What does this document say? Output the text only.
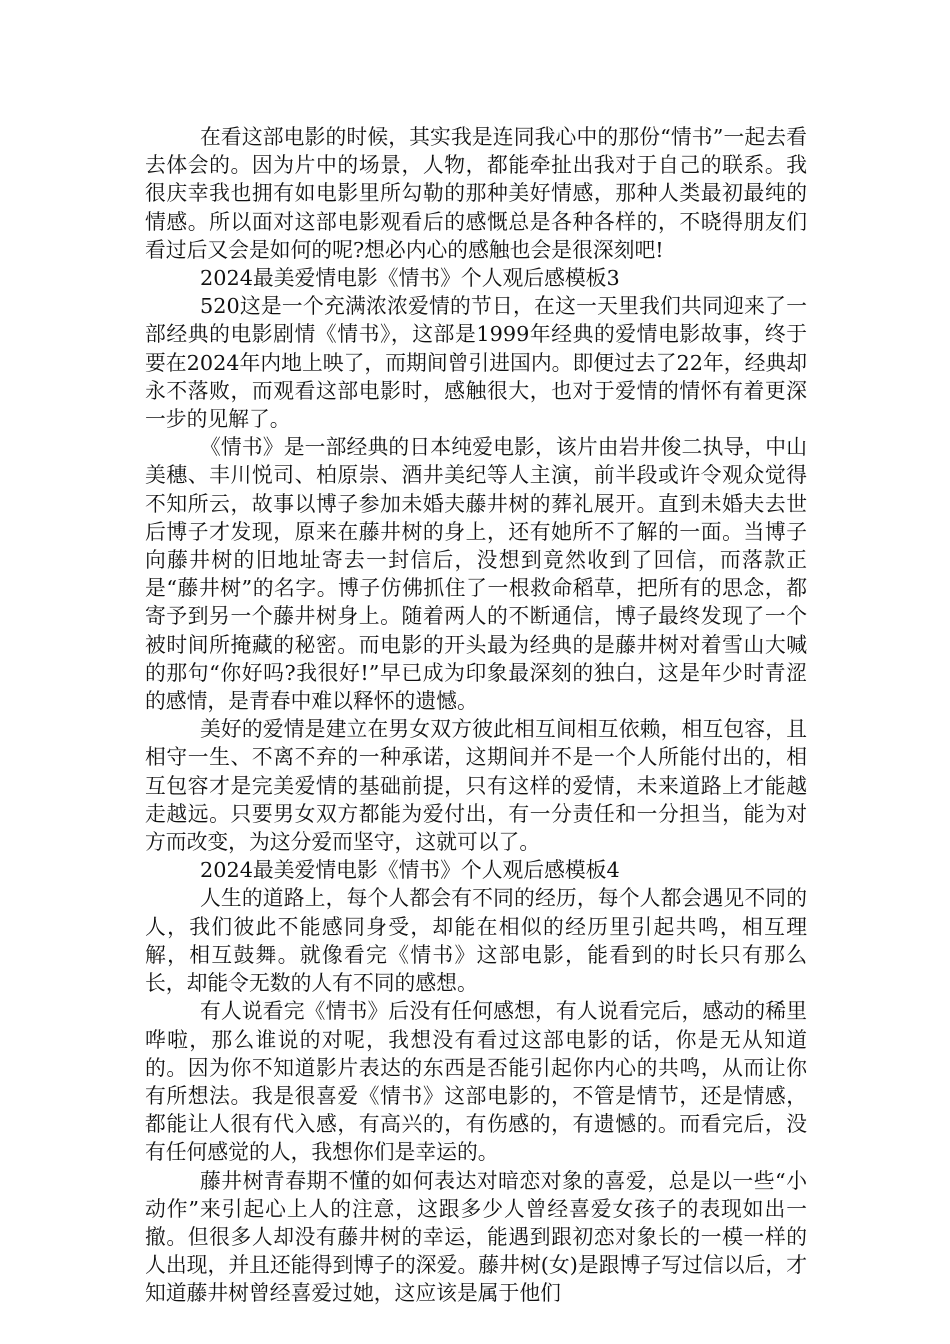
在看这部电影的时候，其实我是连同我心中的那份“情书”一起去看去体会的。因为片中的场景，人物，都能牵扯出我对于自己的联系。我很庆幸我也拥有如电影里所勾勒的那种美好情感，那种人类最初最纯的情感。所以面对这部电影观看后的感慨总是各种各样的，不晓得朋友们看过后又会是如何的呢?想必内心的感触也会是很深刻吧!

2024最美爱情电影《情书》个人观后感模板3

520这是一个充满浓浓爱情的节日，在这一天里我们共同迎来了一部经典的电影剧情《情书》，这部是1999年经典的爱情电影故事，终于要在2024年内地上映了，而期间曾引进国内。即便过去了22年，经典却永不落败，而观看这部电影时，感触很大，也对于爱情的情怀有着更深一步的见解了。

《情书》是一部经典的日本纯爱电影，该片由岩井俊二执导，中山美穗、丰川悦司、柏原崇、酒井美纪等人主演，前半段或许令观众觉得不知所云，故事以博子参加未婚夫藤井树的葬礼展开。直到未婚夫去世后博子才发现，原来在藤井树的身上，还有她所不了解的一面。当博子向藤井树的旧地址寄去一封信后，没想到竟然收到了回信，而落款正是“藤井树”的名字。博子仿佛抓住了一根救命稻草，把所有的思念，都寄予到另一个藤井树身上。随着两人的不断通信，博子最终发现了一个被时间所掩藏的秘密。而电影的开头最为经典的是藤井树对着雪山大喊的那句“你好吗?我很好!”早已成为印象最深刻的独白，这是年少时青涩的感情，是青春中难以释怀的遗憾。

美好的爱情是建立在男女双方彼此相互间相互依赖，相互包容，且相守一生、不离不弃的一种承诺，这期间并不是一个人所能付出的，相互包容才是完美爱情的基础前提，只有这样的爱情，未来道路上才能越走越远。只要男女双方都能为爱付出，有一分责任和一分担当，能为对方而改变，为这分爱而坚守，这就可以了。

2024最美爱情电影《情书》个人观后感模板4

人生的道路上，每个人都会有不同的经历，每个人都会遇见不同的人，我们彼此不能感同身受，却能在相似的经历里引起共鸣，相互理解，相互鼓舞。就像看完《情书》这部电影，能看到的时长只有那么长，却能令无数的人有不同的感想。

有人说看完《情书》后没有任何感想，有人说看完后，感动的稀里哗啦，那么谁说的对呢，我想没有看过这部电影的话，你是无从知道的。因为你不知道影片表达的东西是否能引起你内心的共鸣，从而让你有所想法。我是很喜爱《情书》这部电影的，不管是情节，还是情感，都能让人很有代入感，有高兴的，有伤感的，有遗憾的。而看完后，没有任何感觉的人，我想你们是幸运的。

藤井树青春期不懂的如何表达对暗恋对象的喜爱，总是以一些“小动作”来引起心上人的注意，这跟多少人曾经喜爱女孩子的表现如出一撤。但很多人却没有藤井树的幸运，能遇到跟初恋对象长的一模一样的人出现，并且还能得到博子的深爱。藤井树(女)是跟博子写过信以后，才知道藤井树曾经喜爱过她，这应该是属于他们
